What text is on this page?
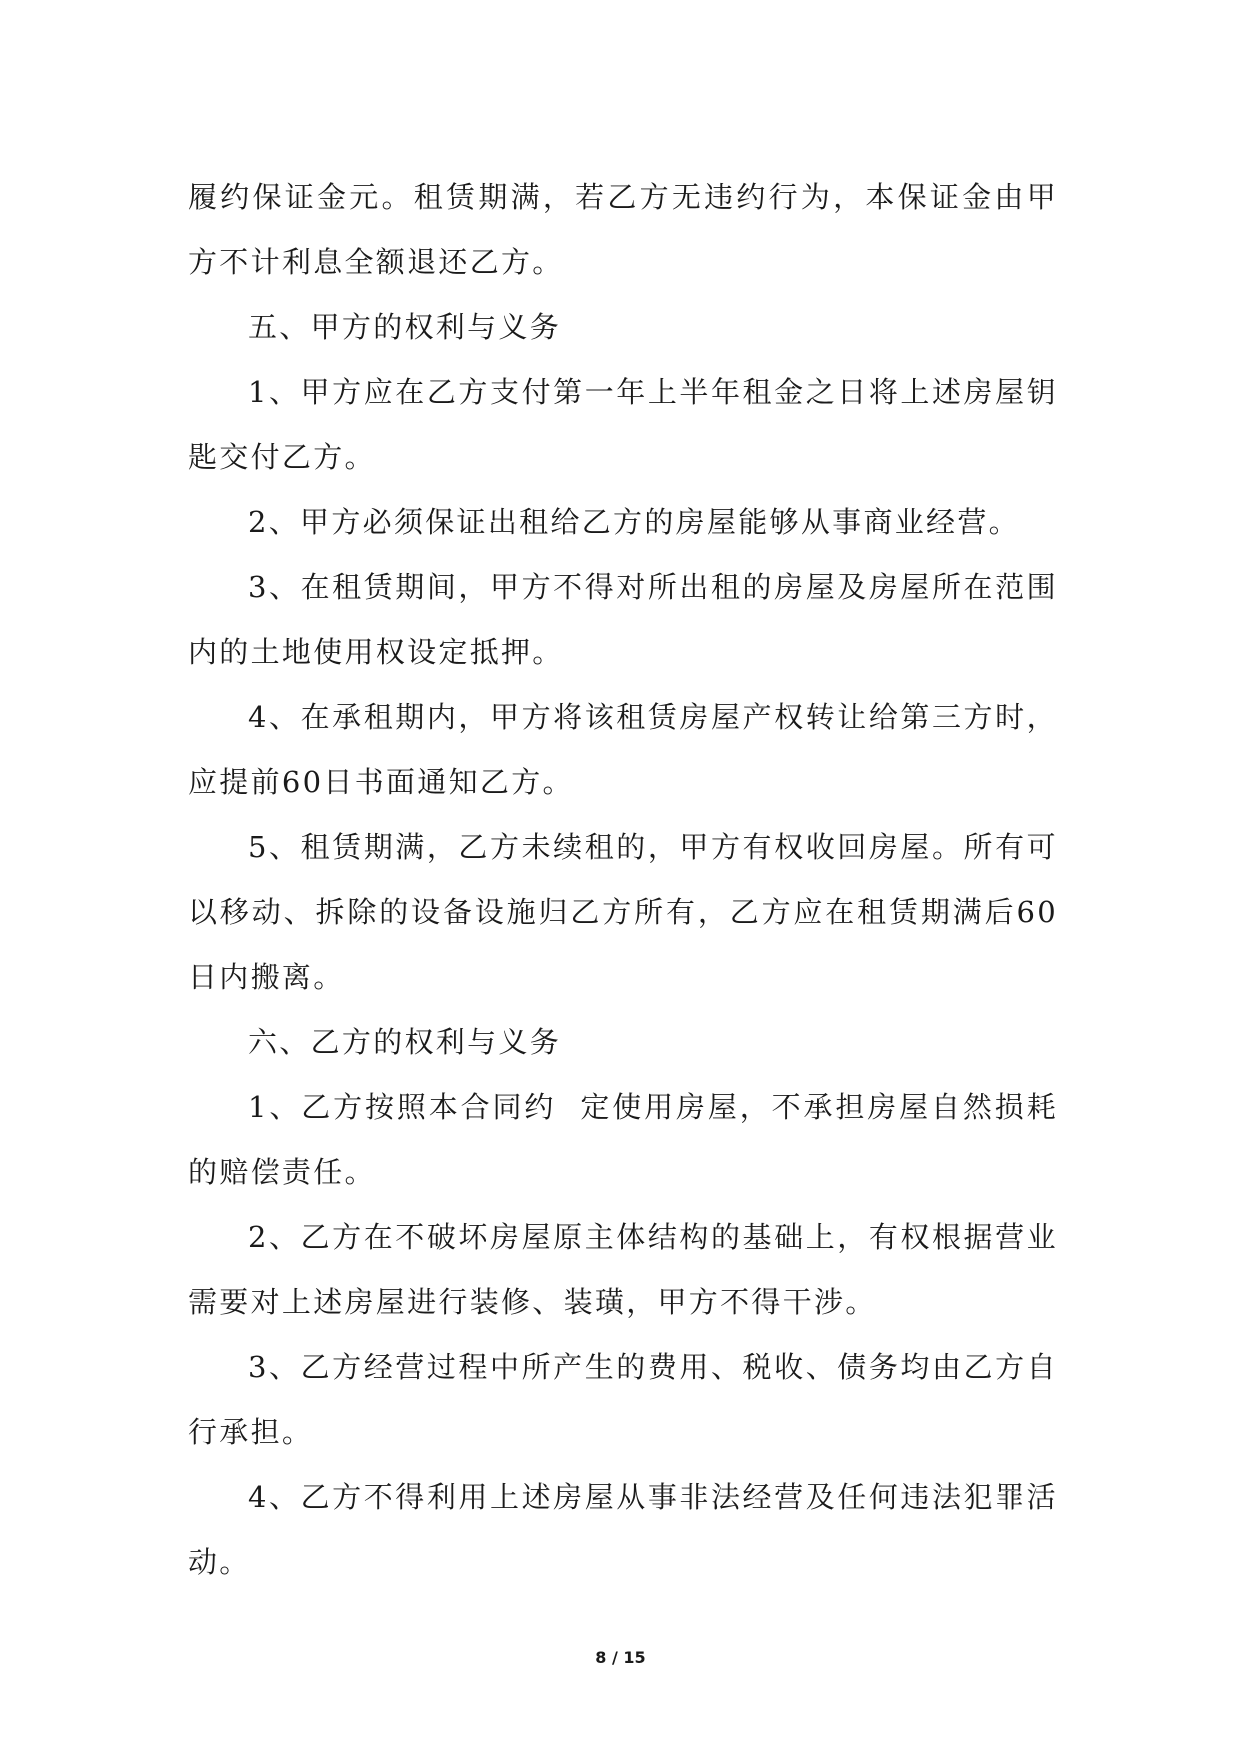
履约保证金元。租赁期满，若乙方无违约行为，本保证金由甲方不计利息全额退还乙方。

五、甲方的权利与义务

1、甲方应在乙方支付第一年上半年租金之日将上述房屋钥匙交付乙方。

2、甲方必须保证出租给乙方的房屋能够从事商业经营。

3、在租赁期间，甲方不得对所出租的房屋及房屋所在范围内的土地使用权设定抵押。

4、在承租期内，甲方将该租赁房屋产权转让给第三方时，应提前60日书面通知乙方。

5、租赁期满，乙方未续租的，甲方有权收回房屋。所有可以移动、拆除的设备设施归乙方所有，乙方应在租赁期满后60日内搬离。

六、乙方的权利与义务

1、乙方按照本合同约  定使用房屋，不承担房屋自然损耗的赔偿责任。

2、乙方在不破坏房屋原主体结构的基础上，有权根据营业需要对上述房屋进行装修、装璜，甲方不得干涉。

3、乙方经营过程中所产生的费用、税收、债务均由乙方自行承担。

4、乙方不得利用上述房屋从事非法经营及任何违法犯罪活动。

8 / 15
